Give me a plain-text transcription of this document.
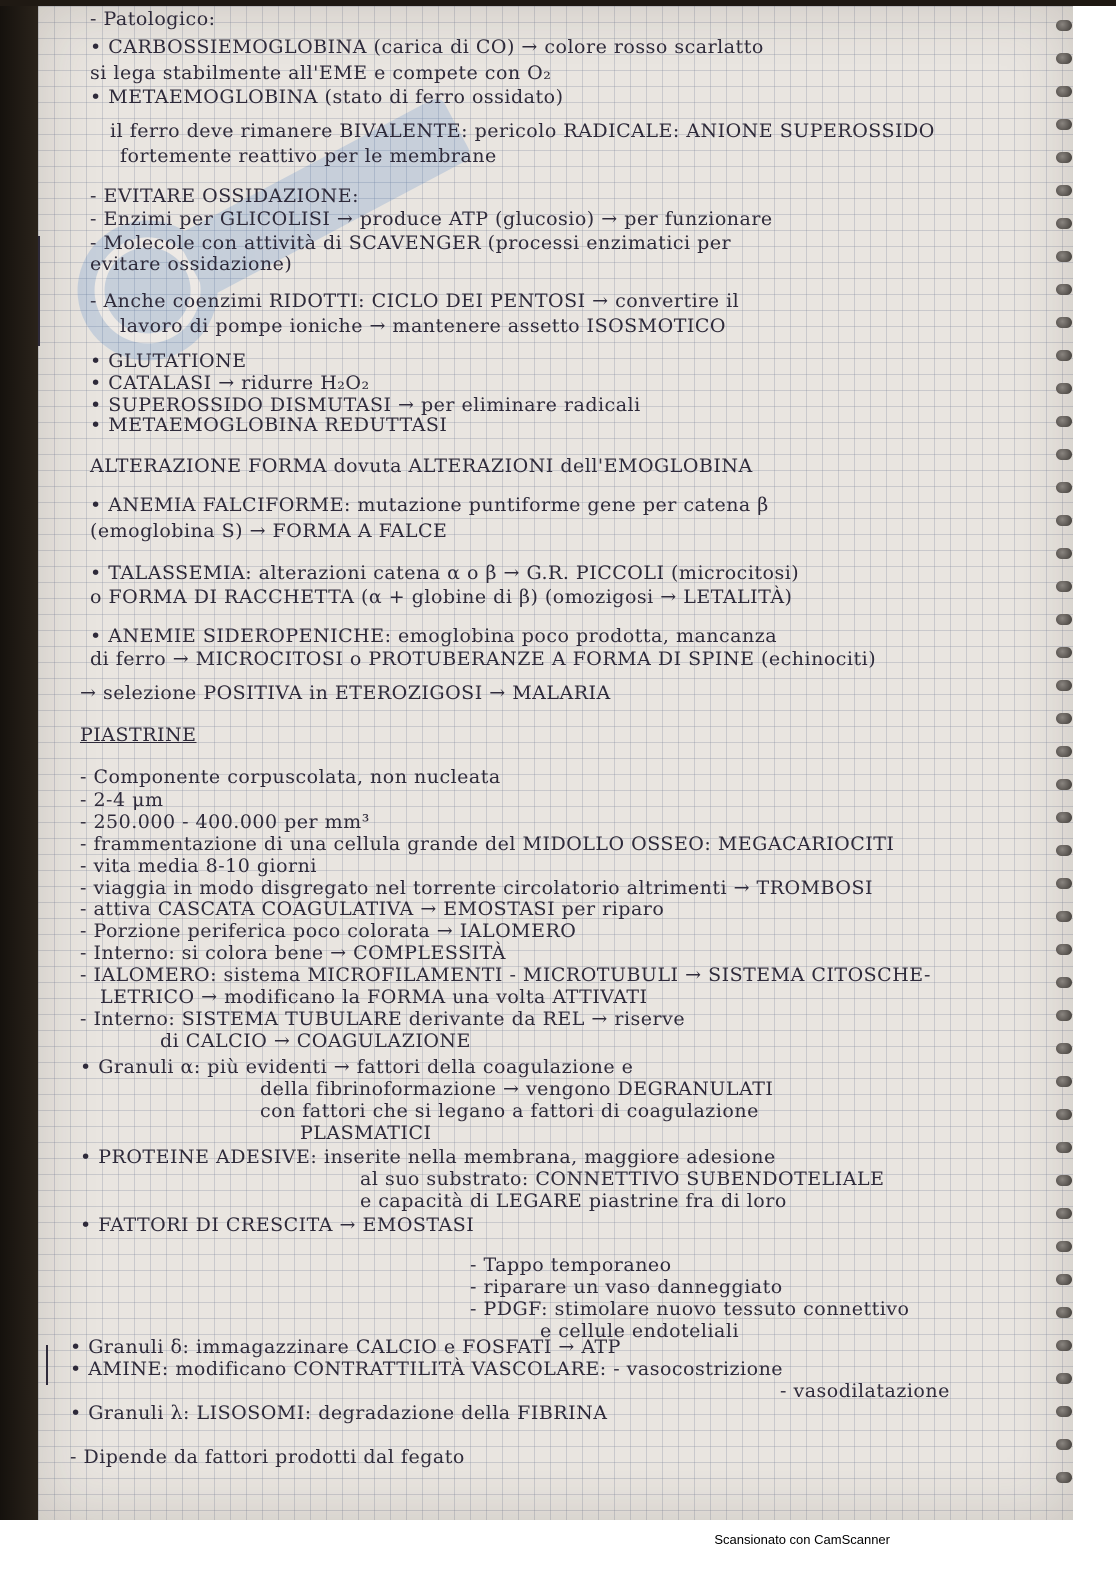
- Patologico:
• CARBOSSIEMOGLOBINA (carica di CO) → colore rosso scarlatto
si lega stabilmente all'EME e compete con O₂
• METAEMOGLOBINA (stato di ferro ossidato)
il ferro deve rimanere BIVALENTE: pericolo RADICALE: ANIONE SUPEROSSIDO
fortemente reattivo per le membrane
- EVITARE OSSIDAZIONE:
- Enzimi per GLICOLISI → produce ATP (glucosio) → per funzionare
- Molecole con attività di SCAVENGER (processi enzimatici per
evitare ossidazione)
- Anche coenzimi RIDOTTI: CICLO DEI PENTOSI → convertire il
lavoro di pompe ioniche → mantenere assetto ISOSMOTICO
• GLUTATIONE
• CATALASI → ridurre H₂O₂
• SUPEROSSIDO DISMUTASI → per eliminare radicali
• METAEMOGLOBINA REDUTTASI
ALTERAZIONE FORMA dovuta ALTERAZIONI dell'EMOGLOBINA
• ANEMIA FALCIFORME: mutazione puntiforme gene per catena β
(emoglobina S) → FORMA A FALCE
• TALASSEMIA: alterazioni catena α o β → G.R. PICCOLI (microcitosi)
o FORMA DI RACCHETTA (α + globine di β) (omozigosi → LETALITÀ)
• ANEMIE SIDEROPENICHE: emoglobina poco prodotta, mancanza
di ferro → MICROCITOSI o PROTUBERANZE A FORMA DI SPINE (echinociti)
→ selezione POSITIVA in ETEROZIGOSI → MALARIA
PIASTRINE
- Componente corpuscolata, non nucleata
- 2-4 μm
- 250.000 - 400.000 per mm³
- frammentazione di una cellula grande del MIDOLLO OSSEO: MEGACARIOCITI
- vita media 8-10 giorni
- viaggia in modo disgregato nel torrente circolatorio altrimenti → TROMBOSI
- attiva CASCATA COAGULATIVA → EMOSTASI per riparo
- Porzione periferica poco colorata → IALOMERO
- Interno: si colora bene → COMPLESSITÀ
- IALOMERO: sistema MICROFILAMENTI - MICROTUBULI → SISTEMA CITOSCHE-
LETRICO → modificano la FORMA una volta ATTIVATI
- Interno: SISTEMA TUBULARE derivante da REL → riserve
di CALCIO → COAGULAZIONE
• Granuli α: più evidenti → fattori della coagulazione e
della fibrinoformazione → vengono DEGRANULATI
con fattori che si legano a fattori di coagulazione
PLASMATICI
• PROTEINE ADESIVE: inserite nella membrana, maggiore adesione
al suo substrato: CONNETTIVO SUBENDOTELIALE
e capacità di LEGARE piastrine fra di loro
• FATTORI DI CRESCITA → EMOSTASI
- Tappo temporaneo
- riparare un vaso danneggiato
- PDGF: stimolare nuovo tessuto connettivo
e cellule endoteliali
• Granuli δ: immagazzinare CALCIO e FOSFATI → ATP
• AMINE: modificano CONTRATTILITÀ VASCOLARE: - vasocostrizione
- vasodilatazione
• Granuli λ: LISOSOMI: degradazione della FIBRINA
- Dipende da fattori prodotti dal fegato
Scansionato con CamScanner
